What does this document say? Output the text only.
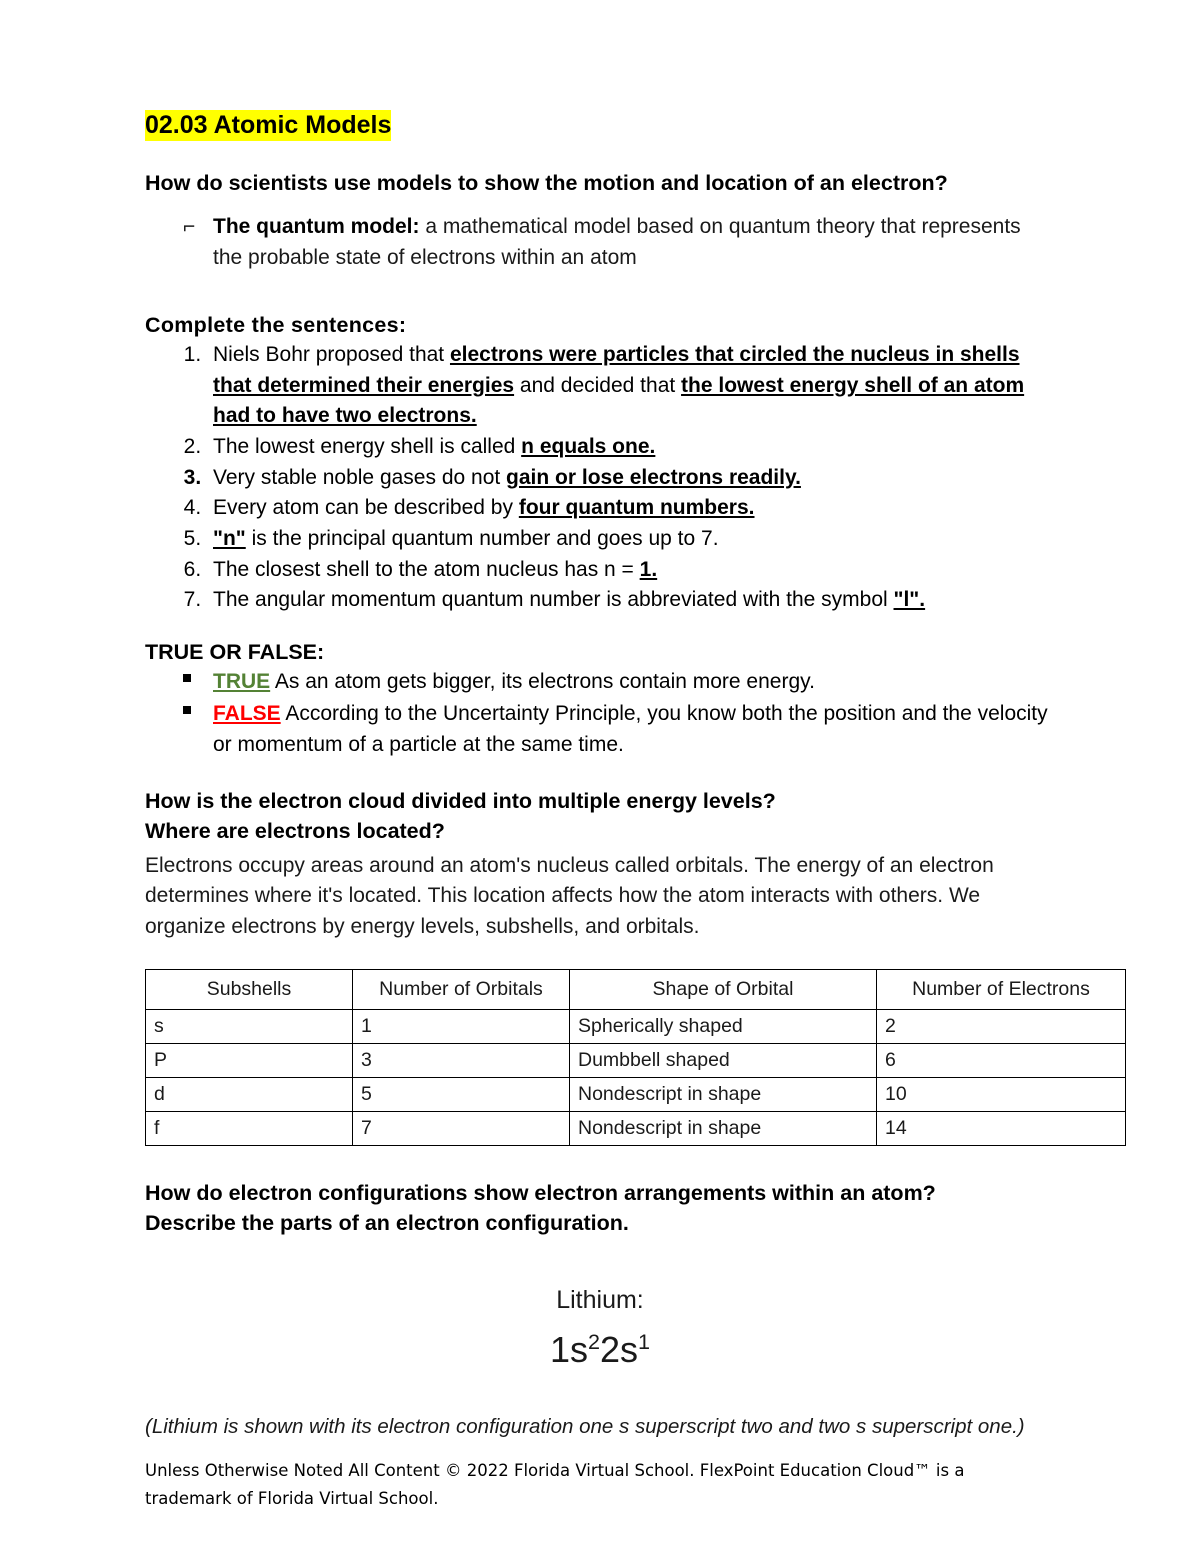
02.03 Atomic Models

How do scientists use models to show the motion and location of an electron?

⌐ The quantum model: a mathematical model based on quantum theory that represents the probable state of electrons within an atom

Complete the sentences:

1. Niels Bohr proposed that electrons were particles that circled the nucleus in shells that determined their energies and decided that the lowest energy shell of an atom had to have two electrons.
2. The lowest energy shell is called n equals one.
3. Very stable noble gases do not gain or lose electrons readily.
4. Every atom can be described by four quantum numbers.
5. "n" is the principal quantum number and goes up to 7.
6. The closest shell to the atom nucleus has n = 1.
7. The angular momentum quantum number is abbreviated with the symbol "l".

TRUE OR FALSE:

TRUE As an atom gets bigger, its electrons contain more energy.
FALSE According to the Uncertainty Principle, you know both the position and the velocity or momentum of a particle at the same time.

How is the electron cloud divided into multiple energy levels?

Where are electrons located?

Electrons occupy areas around an atom's nucleus called orbitals. The energy of an electron determines where it's located. This location affects how the atom interacts with others. We organize electrons by energy levels, subshells, and orbitals.

Subshells	Number of Orbitals	Shape of Orbital	Number of Electrons
s	1	Spherically shaped	2
P	3	Dumbbell shaped	6
d	5	Nondescript in shape	10
f	7	Nondescript in shape	14

How do electron configurations show electron arrangements within an atom?

Describe the parts of an electron configuration.

Lithium:
$1s^22s^1$

(Lithium is shown with its electron configuration one s superscript two and two s superscript one.)

Unless Otherwise Noted All Content © 2022 Florida Virtual School. FlexPoint Education Cloud™ is a trademark of Florida Virtual School.
